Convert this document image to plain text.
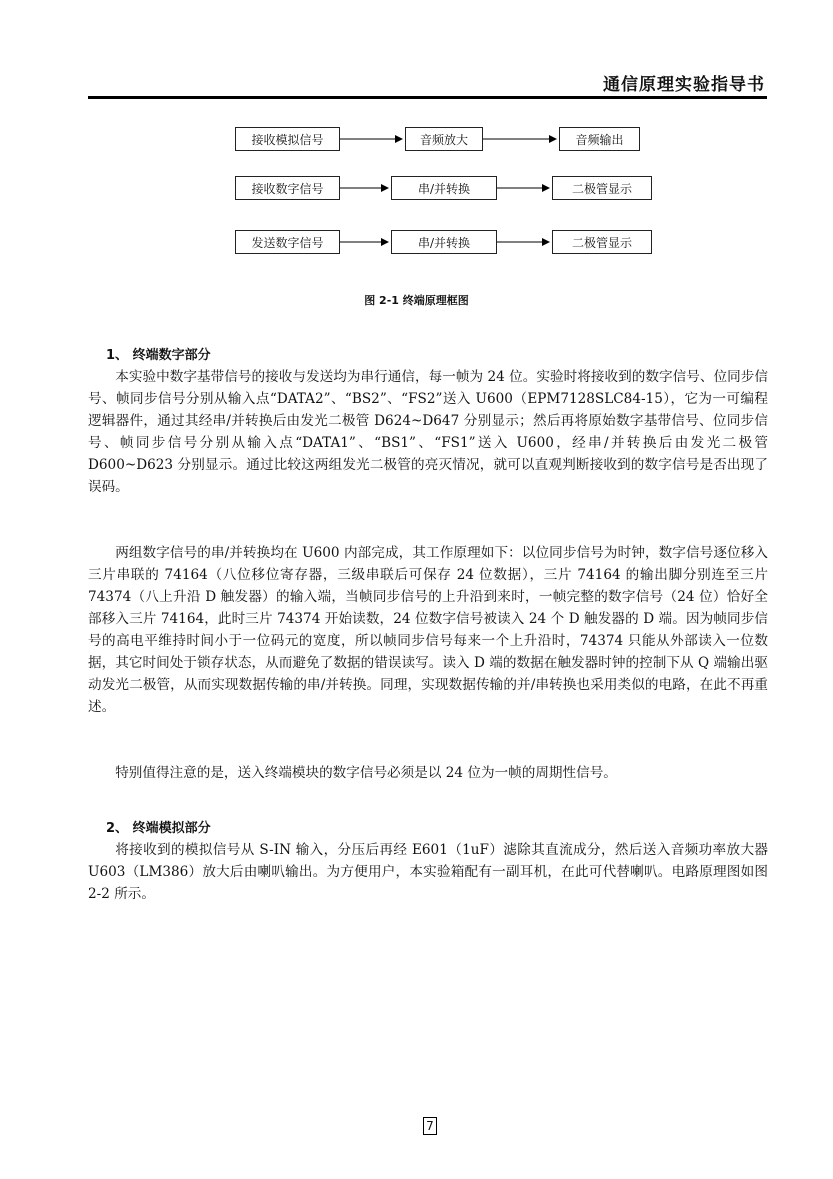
通信原理实验指导书
接收模拟信号	音频放大	音频输出
接收数字信号	串/并转换	二极管显示
发送数字信号	串/并转换	二极管显示
图 2-1 终端原理框图
1、 终端数字部分

本实验中数字基带信号的接收与发送均为串行通信，每一帧为 24 位。实验时将接收到的数字信号、位同步信号、帧同步信号分别从输入点“DATA2”、“BS2”、“FS2”送入 U600（EPM7128SLC84-15），它为一可编程逻辑器件，通过其经串/并转换后由发光二极管 D624~D647 分别显示；然后再将原始数字基带信号、位同步信号、帧同步信号分别从输入点“DATA1”、“BS1”、“FS1”送入 U600，经串/并转换后由发光二极管 D600~D623 分别显示。通过比较这两组发光二极管的亮灭情况，就可以直观判断接收到的数字信号是否出现了误码。

两组数字信号的串/并转换均在 U600 内部完成，其工作原理如下：以位同步信号为时钟，数字信号逐位移入三片串联的 74164（八位移位寄存器，三级串联后可保存 24 位数据），三片 74164 的输出脚分别连至三片 74374（八上升沿 D 触发器）的输入端，当帧同步信号的上升沿到来时，一帧完整的数字信号（24 位）恰好全部移入三片 74164，此时三片 74374 开始读数，24 位数字信号被读入 24 个 D 触发器的 D 端。因为帧同步信号的高电平维持时间小于一位码元的宽度，所以帧同步信号每来一个上升沿时，74374 只能从外部读入一位数据，其它时间处于锁存状态，从而避免了数据的错误读写。读入 D 端的数据在触发器时钟的控制下从 Q 端输出驱动发光二极管，从而实现数据传输的串/并转换。同理，实现数据传输的并/串转换也采用类似的电路，在此不再重述。

特别值得注意的是，送入终端模块的数字信号必须是以 24 位为一帧的周期性信号。

2、 终端模拟部分

将接收到的模拟信号从 S-IN 输入，分压后再经 E601（1uF）滤除其直流成分，然后送入音频功率放大器 U603（LM386）放大后由喇叭输出。为方便用户，本实验箱配有一副耳机，在此可代替喇叭。电路原理图如图 2-2 所示。

7
